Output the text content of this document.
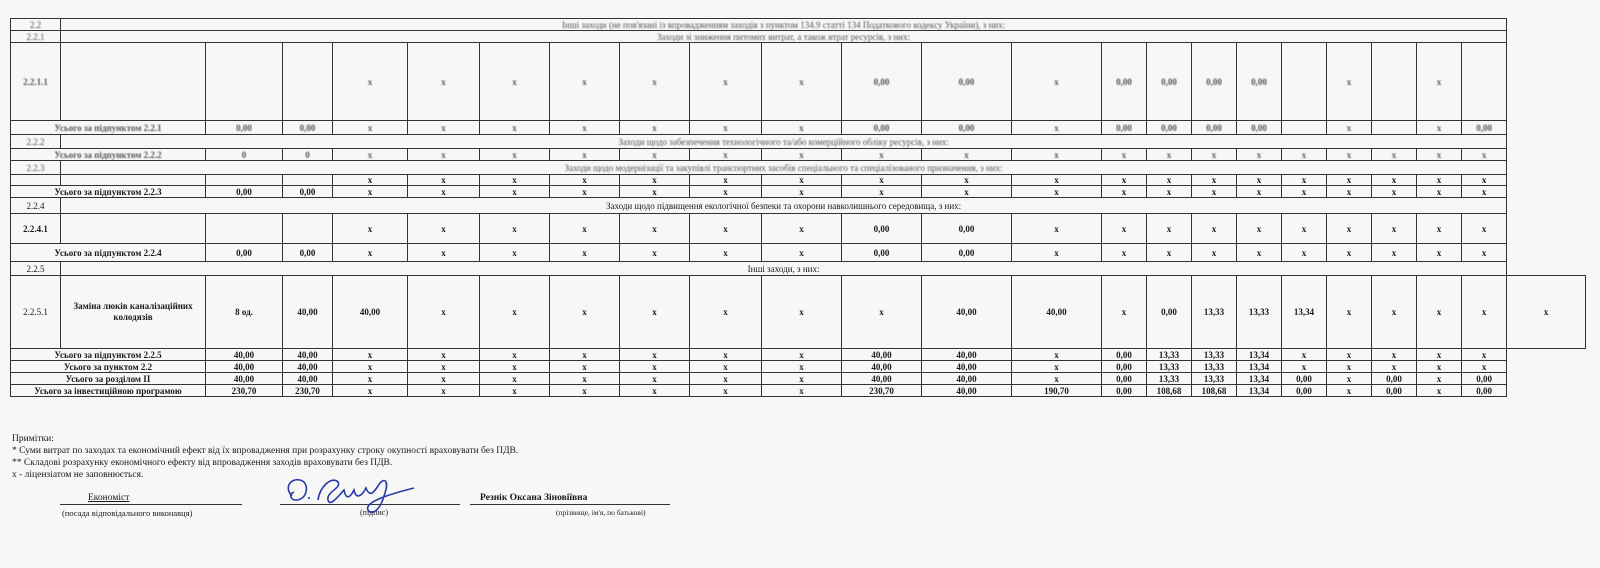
2.2	Інші заходи (не пов'язані із впровадженням заходів з пунктом 134.9 статті 134 Податкового кодексу України), з них:																						
2.2.1	Заходи зі зниження питомих витрат, а також втрат ресурсів, з них:																						
2.2.1.1				x	x	x	x	x	x	x	0,00	0,00	x	0,00	0,00	0,00	0,00		x		x		
Усього за підпунктом 2.2.1		0,00	0,00	x	x	x	x	x	x	x	0,00	0,00	x	0,00	0,00	0,00	0,00		x		x	0,00	
2.2.2	Заходи щодо забезпечення технологічного та/або комерційного обліку ресурсів, з них:																						
Усього за підпунктом 2.2.2		0	0	x	x	x	x	x	x	x	x	x	x	x	x	x	x	x	x	x	x	x	
2.2.3	Заходи щодо модернізації та закупівлі транспортних засобів спеціального та спеціалізованого призначення, з них:																						
				x	x	x	x	x	x	x	x	x	x	x	x	x	x	x	x	x	x	x	
Усього за підпунктом 2.2.3		0,00	0,00	x	x	x	x	x	x	x	x	x	x	x	x	x	x	x	x	x	x	x	
2.2.4	Заходи щодо підвищення екологічної безпеки та охорони навколишнього середовища, з них:																						
2.2.4.1				x	x	x	x	x	x	x	0,00	0,00	x	x	x	x	x	x	x	x	x	x	
Усього за підпунктом 2.2.4		0,00	0,00	x	x	x	x	x	x	x	0,00	0,00	x	x	x	x	x	x	x	x	x	x	
2.2.5	Інші заходи, з них:																						
2.2.5.1	Заміна люків каналізаційних колодязів	8 од.	40,00	40,00	x	x	x	x	x	x	x	40,00	40,00	x	0,00	13,33	13,33	13,34	x	x	x	x	x
Усього за підпунктом 2.2.5		40,00	40,00	x	x	x	x	x	x	x	40,00	40,00	x	0,00	13,33	13,33	13,34	x	x	x	x	x	
Усього за пунктом 2.2		40,00	40,00	x	x	x	x	x	x	x	40,00	40,00	x	0,00	13,33	13,33	13,34	x	x	x	x	x	
Усього за розділом ІІ		40,00	40,00	x	x	x	x	x	x	x	40,00	40,00	x	0,00	13,33	13,33	13,34	0,00	x	0,00	x	0,00	
Усього за інвестиційною програмою		230,70	230,70	x	x	x	x	x	x	x	230,70	40,00	190,70	0,00	108,68	108,68	13,34	0,00	x	0,00	x	0,00	
Примітки:
* Суми витрат по заходах та економічний ефект від їх впровадження при розрахунку строку окупності враховувати без ПДВ.
** Складові розрахунку економічного ефекту від впровадження заходів враховувати без ПДВ.
х - ліцензіатом не заповнюється.
Економіст
(посада відповідального виконавця)	(підпис)
Резнік Оксана Зіновіївна
(прізвище, ім'я, по батькові)
